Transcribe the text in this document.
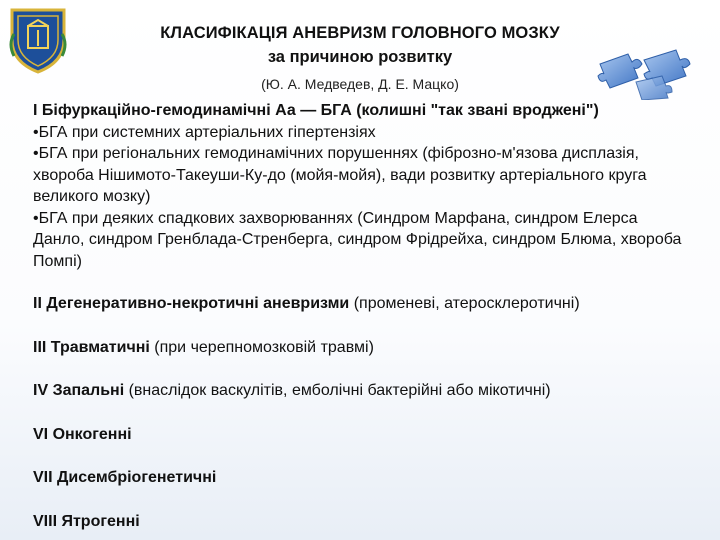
КЛАСИФІКАЦІЯ АНЕВРИЗМ ГОЛОВНОГО МОЗКУ
за причиною розвитку
(Ю. А. Медведев, Д. Е. Мацко)

І Біфуркаційно-гемодинамічні Аа — БГА (колишні "так звані вроджені")

•БГА при системних артеріальних гіпертензіях

•БГА при регіональних гемодинамічних порушеннях (фіброзно-м'язова дисплазія, хвороба Нішимото-Такеуши-Ку-до (мойя-мойя), вади розвитку артеріального круга великого мозку)

•БГА при деяких спадкових захворюваннях (Синдром Марфана, синдром Елерса Данло, синдром Гренблада-Стренберга, синдром Фрідрейха, синдром Блюма, хвороба Помпі)

ІІ Дегенеративно-некротичні аневризми (променеві, атеросклеротичні)

ІІІ Травматичні (при черепномозковій травмі)

IV Запальні (внаслідок васкулітів, емболічні бактерійні або мікотичні)

VI Онкогенні

VII Дисембріогенетичні

VIII Ятрогенні
